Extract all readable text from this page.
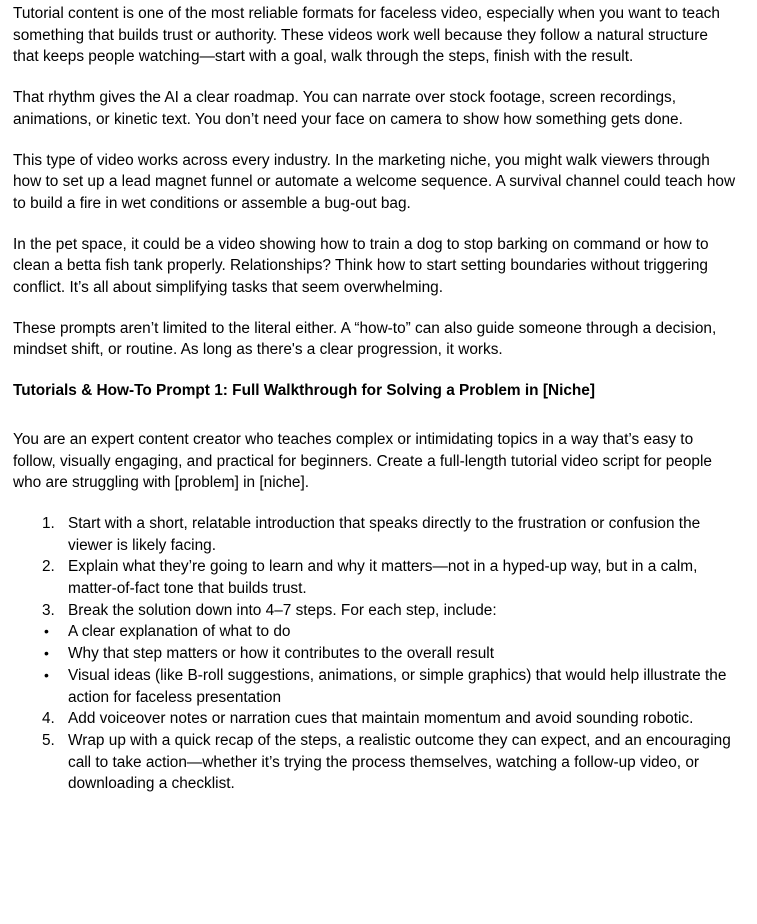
Tutorial content is one of the most reliable formats for faceless video, especially when you want to teach something that builds trust or authority. These videos work well because they follow a natural structure that keeps people watching—start with a goal, walk through the steps, finish with the result.

That rhythm gives the AI a clear roadmap. You can narrate over stock footage, screen recordings, animations, or kinetic text. You don’t need your face on camera to show how something gets done.

This type of video works across every industry. In the marketing niche, you might walk viewers through how to set up a lead magnet funnel or automate a welcome sequence. A survival channel could teach how to build a fire in wet conditions or assemble a bug-out bag.

In the pet space, it could be a video showing how to train a dog to stop barking on command or how to clean a betta fish tank properly. Relationships? Think how to start setting boundaries without triggering conflict. It’s all about simplifying tasks that seem overwhelming.

These prompts aren’t limited to the literal either. A “how-to” can also guide someone through a decision, mindset shift, or routine. As long as there's a clear progression, it works.

Tutorials & How-To Prompt 1: Full Walkthrough for Solving a Problem in [Niche]

You are an expert content creator who teaches complex or intimidating topics in a way that’s easy to follow, visually engaging, and practical for beginners. Create a full-length tutorial video script for people who are struggling with [problem] in [niche].

1. Start with a short, relatable introduction that speaks directly to the frustration or confusion the viewer is likely facing.
2. Explain what they’re going to learn and why it matters—not in a hyped-up way, but in a calm, matter-of-fact tone that builds trust.
3. Break the solution down into 4–7 steps. For each step, include:
• A clear explanation of what to do
• Why that step matters or how it contributes to the overall result
• Visual ideas (like B-roll suggestions, animations, or simple graphics) that would help illustrate the action for faceless presentation
4. Add voiceover notes or narration cues that maintain momentum and avoid sounding robotic.
5. Wrap up with a quick recap of the steps, a realistic outcome they can expect, and an encouraging call to take action—whether it’s trying the process themselves, watching a follow-up video, or downloading a checklist.
